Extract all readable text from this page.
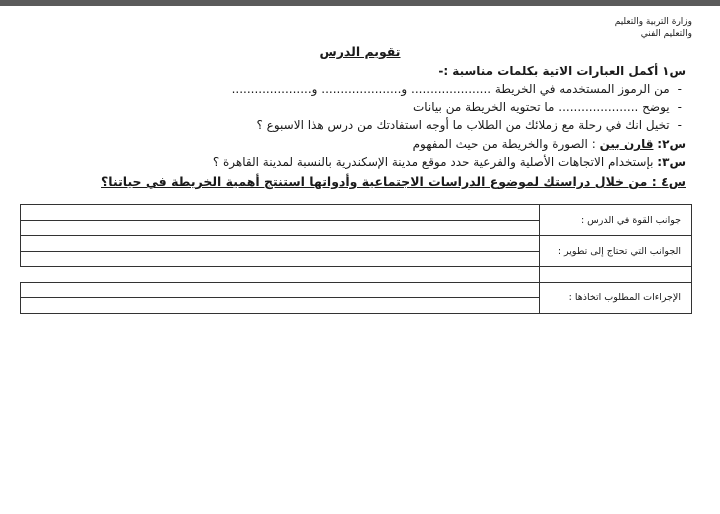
وزارة التربية والتعليم
والتعليم الفني
تقويم الدرس
س١ أكمل العبارات الاتية بكلمات مناسبة :-
-من الرموز المستخدمه في الخريطة ..................... و..................... و.....................
-يوضح ..................... ما تحتويه الخريطة من بيانات
-تخيل انك في رحلة مع زملائك من الطلاب ما أوجه استفادتك من درس هذا الاسبوع ؟
س٢: قارن بين : الصورة والخريطة من حيث المفهوم
س٣: بإستخدام الاتجاهات الأصلية والفرعية حدد موقع مدينة الإسكندرية بالنسبة لمدينة القاهرة ؟
س٤ : من خلال دراستك لموضوع الدراسات الاجتماعية وأدواتها استنتج أهمية الخريطة في حياتنا؟
جوانب القوة في الدرس :	

الجوانب التي تحتاج إلى تطوير :	

الإجراءات المطلوب اتخاذها :	
